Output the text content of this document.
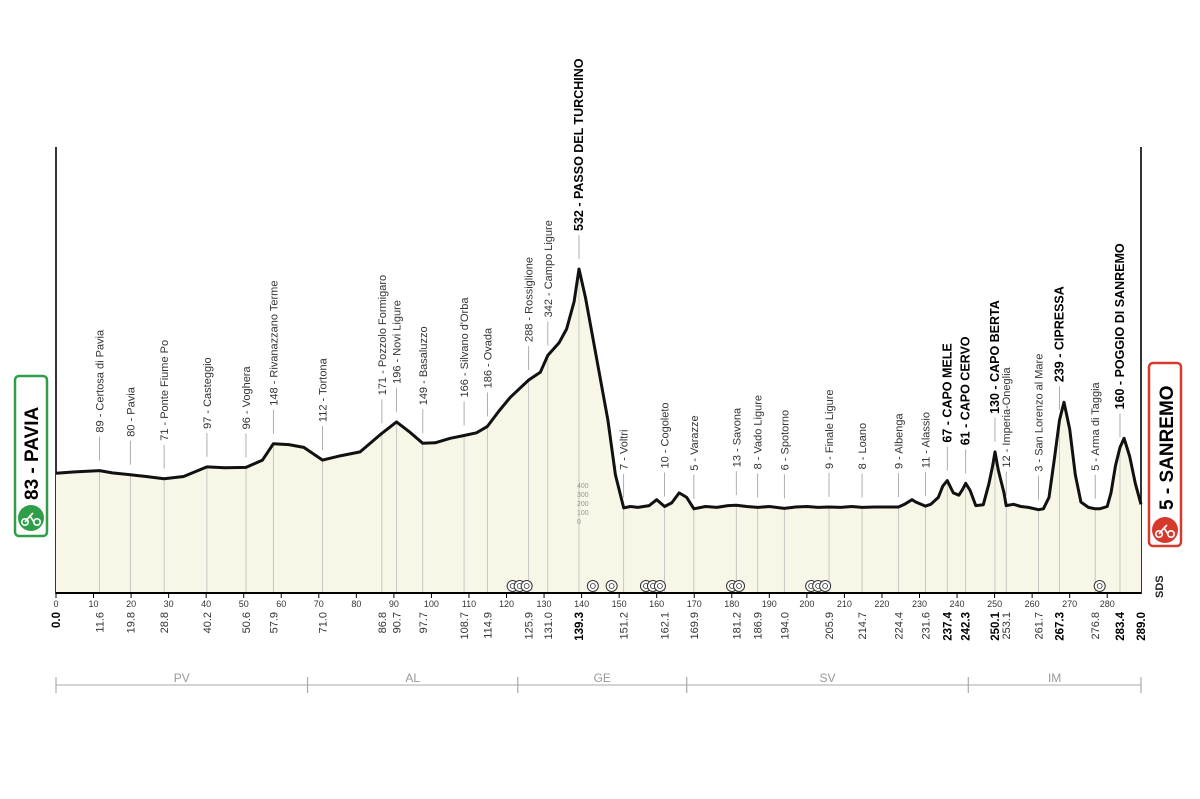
0	10	20	30	40	50	60	70	80	90	100	110	120	130	140	150	160	170	180	190	200	210	220	230	240	250	260	270	280
89 - Certosa di Pavia 80 - Pavia 71 - Ponte Fiume Po	97 - Casteggio 96 - Voghera 148 - Rivanazzano Terme	112 - Tortona	171 - Pozzolo Formigaro 196 - Novi Ligure 149 - Basaluzzo	166 - Silvano d'Orba 186 - Ovada
288 - Rossiglione 342 - Campo Ligure
532 - PASSO DEL TURCHINO
7 - Voltri	10 - Cogoleto 5 - Varazze	13 - Savona 8 - Vado Ligure 6 - Spotorno	9 - Finale Ligure 8 - Loano 9 - Albenga 11 - Alassio 67 - CAPO MELE 61 - CAPO CERVO 130 - CAPO BERTA
12 - Imperia-Oneglia 3 - San Lorenzo al Mare
239 - CIPRESSA
5 - Arma di Taggia
160 - POGGIO DI SANREMO
11.6 19.8 28.8	40.2 50.6 57.9	71.0	86.8 90.7 97.7	108.7 114.9	125.9 131.0 139.3	151.2	162.1 169.9	181.2 186.9 194.0	205.9 214.7 224.4 231.6 237.4 242.3 250.1 253.1 261.7 267.3 276.8 283.4
0.0	289.0
PV	AL	GE	SV	IM
400
300
200
100
0
83 - PAVIA	5 - SANREMO
SDS
